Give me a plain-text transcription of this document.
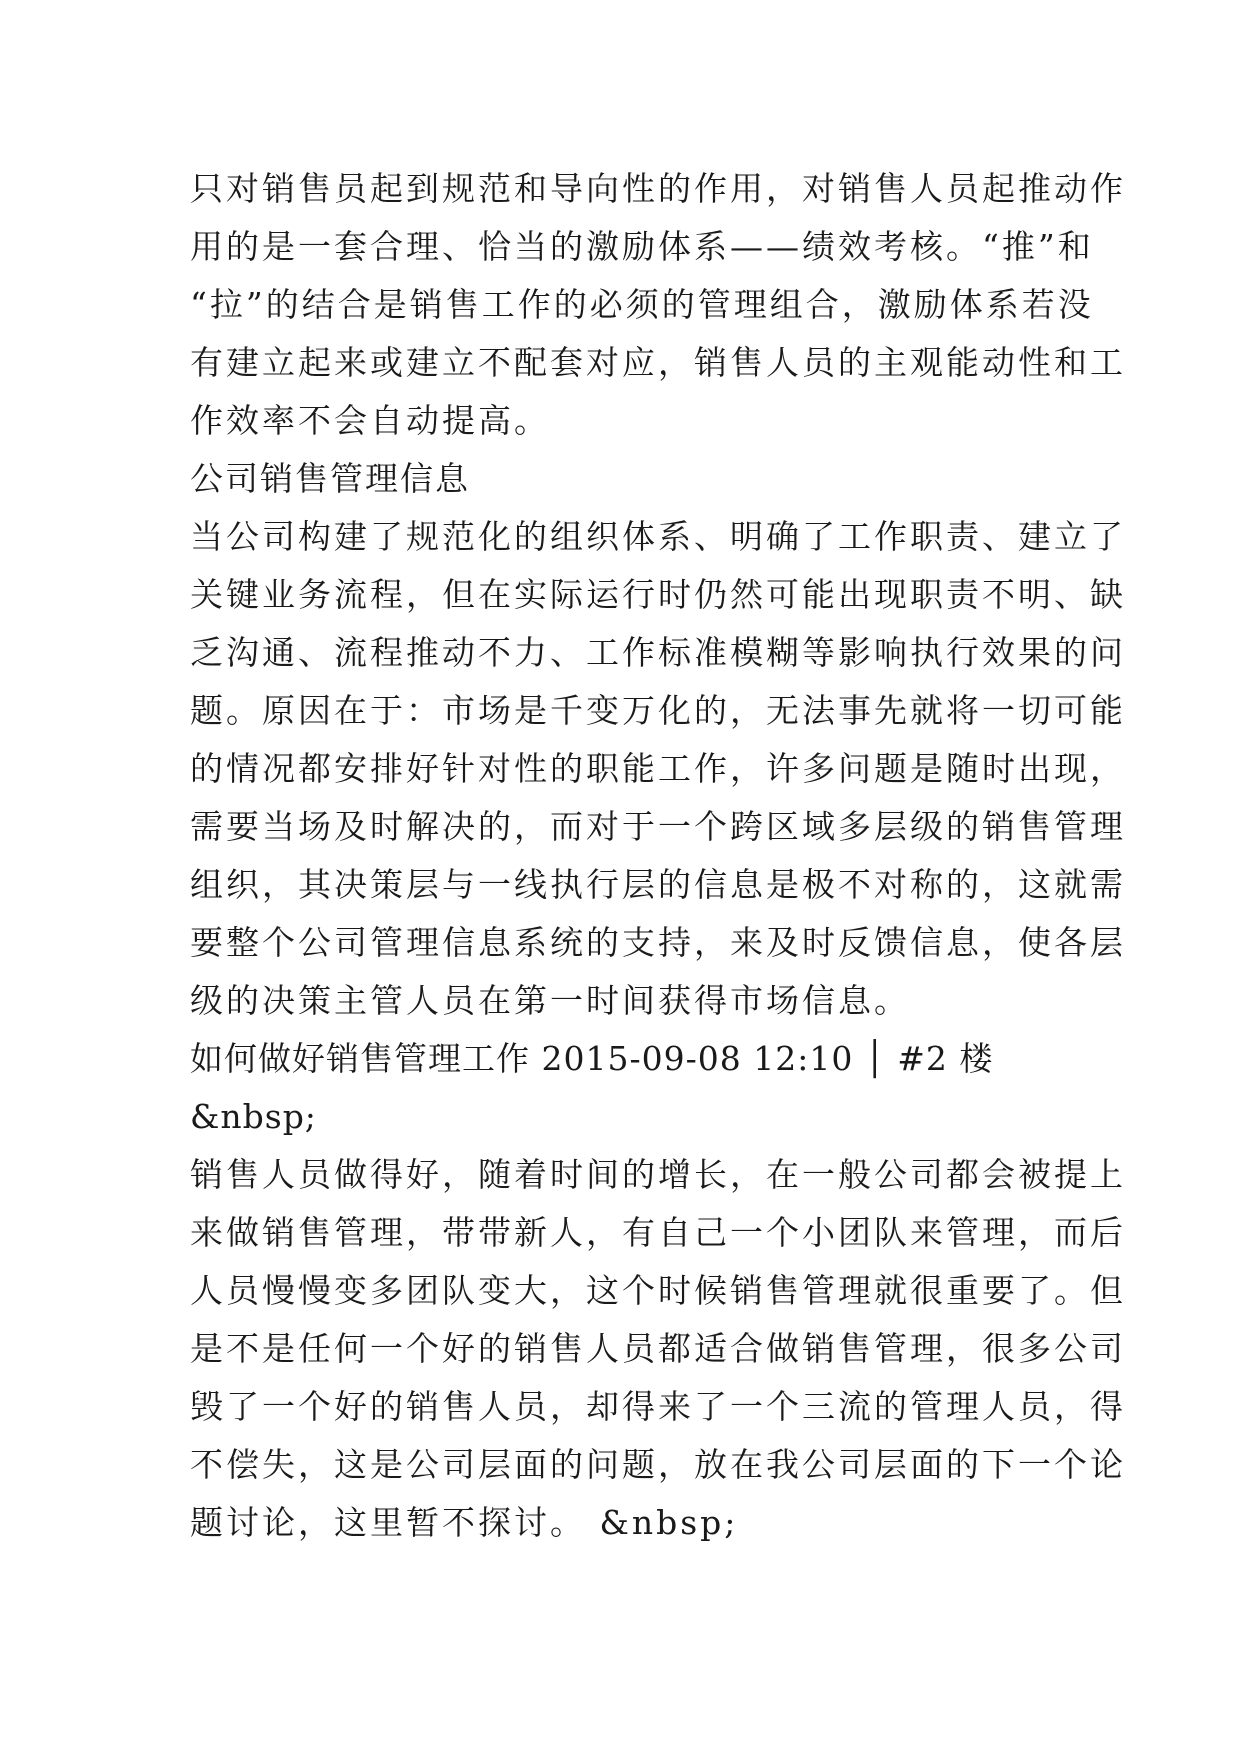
只对销售员起到规范和导向性的作用，对销售人员起推动作
用的是一套合理、恰当的激励体系——绩效考核。“推”和
“拉”的结合是销售工作的必须的管理组合，激励体系若没
有建立起来或建立不配套对应，销售人员的主观能动性和工
作效率不会自动提高。
公司销售管理信息
当公司构建了规范化的组织体系、明确了工作职责、建立了
关键业务流程，但在实际运行时仍然可能出现职责不明、缺
乏沟通、流程推动不力、工作标准模糊等影响执行效果的问
题。原因在于：市场是千变万化的，无法事先就将一切可能
的情况都安排好针对性的职能工作，许多问题是随时出现，
需要当场及时解决的，而对于一个跨区域多层级的销售管理
组织，其决策层与一线执行层的信息是极不对称的，这就需
要整个公司管理信息系统的支持，来及时反馈信息，使各层
级的决策主管人员在第一时间获得市场信息。
如何做好销售管理工作 2015-09-08 12:10 │ #2 楼
&nbsp;
销售人员做得好，随着时间的增长，在一般公司都会被提上
来做销售管理，带带新人，有自己一个小团队来管理，而后
人员慢慢变多团队变大，这个时候销售管理就很重要了。但
是不是任何一个好的销售人员都适合做销售管理，很多公司
毁了一个好的销售人员，却得来了一个三流的管理人员，得
不偿失，这是公司层面的问题，放在我公司层面的下一个论
题讨论，这里暂不探讨。 &nbsp;
